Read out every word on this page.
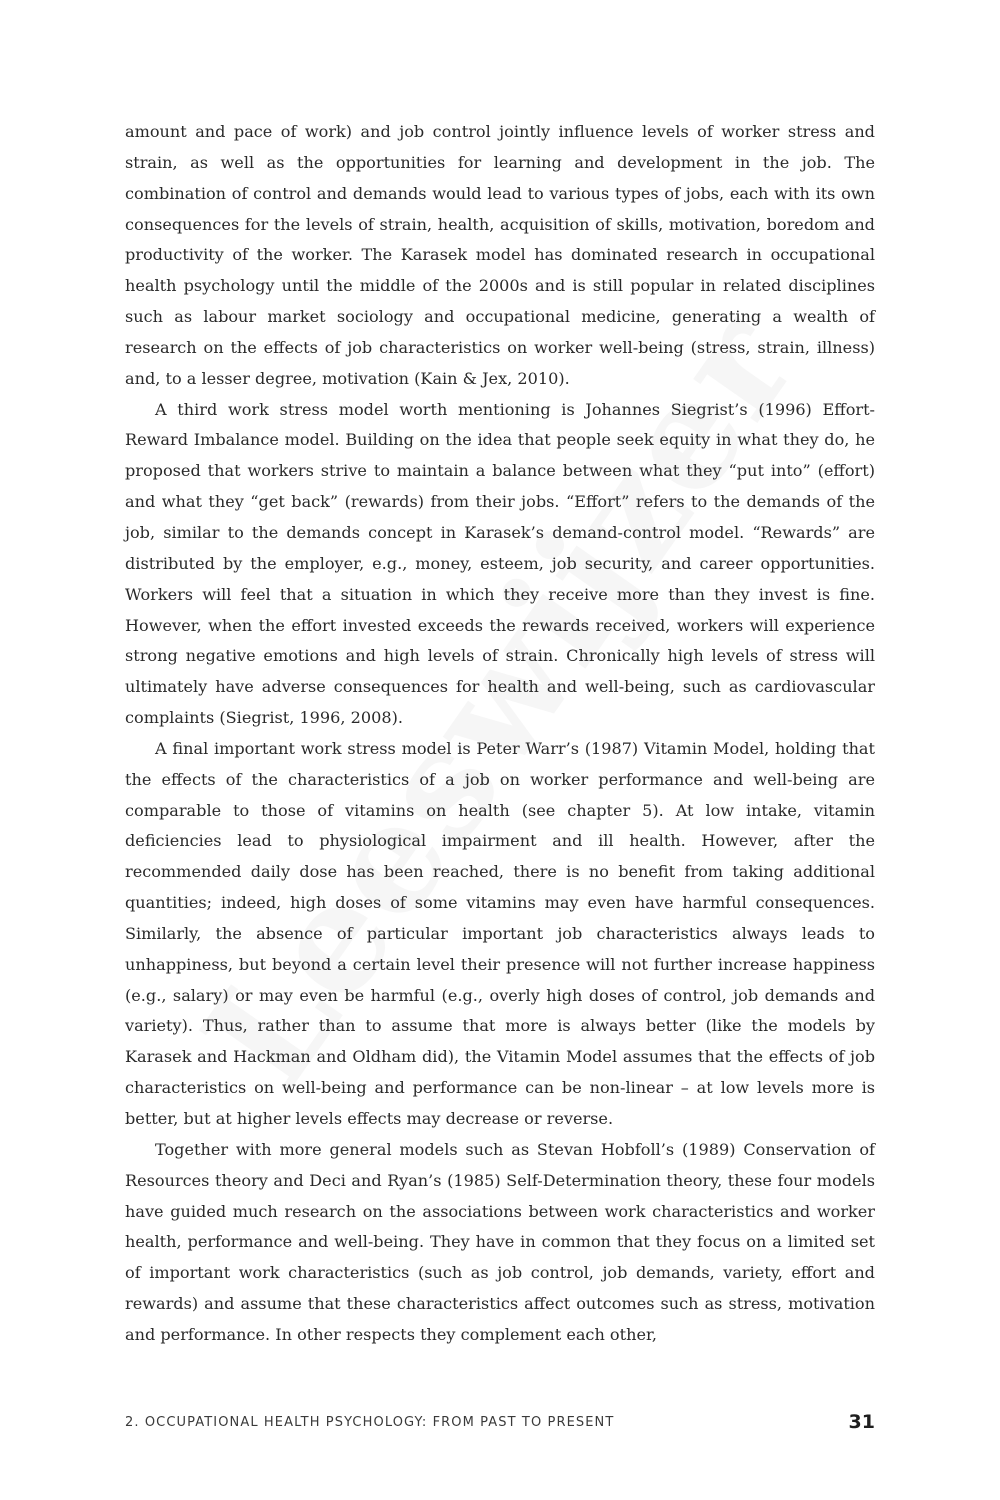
amount and pace of work) and job control jointly influence levels of worker stress and strain, as well as the opportunities for learning and development in the job. The combination of control and demands would lead to various types of jobs, each with its own consequences for the levels of strain, health, acquisition of skills, motivation, boredom and productivity of the worker. The Karasek model has dominated research in occupational health psychology until the middle of the 2000s and is still popular in related disciplines such as labour market sociology and occupational medicine, generating a wealth of research on the effects of job characteristics on worker well-being (stress, strain, illness) and, to a lesser degree, motivation (Kain & Jex, 2010).

A third work stress model worth mentioning is Johannes Siegrist’s (1996) Effort-Reward Imbalance model. Building on the idea that people seek equity in what they do, he proposed that workers strive to maintain a balance between what they “put into” (effort) and what they “get back” (rewards) from their jobs. “Effort” refers to the demands of the job, similar to the demands concept in Karasek’s demand-control model. “Rewards” are distributed by the employer, e.g., money, esteem, job security, and career opportunities. Workers will feel that a situation in which they receive more than they invest is fine. However, when the effort invested exceeds the rewards received, workers will experience strong negative emotions and high levels of strain. Chronically high levels of stress will ultimately have adverse consequences for health and well-being, such as cardiovascular complaints (Siegrist, 1996, 2008).

A final important work stress model is Peter Warr’s (1987) Vitamin Model, holding that the effects of the characteristics of a job on worker performance and well-being are comparable to those of vitamins on health (see chapter 5). At low intake, vitamin deficiencies lead to physiological impairment and ill health. However, after the recommended daily dose has been reached, there is no benefit from taking additional quantities; indeed, high doses of some vitamins may even have harmful consequences. Similarly, the absence of particular important job characteristics always leads to unhappiness, but beyond a certain level their presence will not further increase happiness (e.g., salary) or may even be harmful (e.g., overly high doses of control, job demands and variety). Thus, rather than to assume that more is always better (like the models by Karasek and Hackman and Oldham did), the Vitamin Model assumes that the effects of job characteristics on well-being and performance can be non-linear – at low levels more is better, but at higher levels effects may decrease or reverse.

Together with more general models such as Stevan Hobfoll’s (1989) Conservation of Resources theory and Deci and Ryan’s (1985) Self-Determination theory, these four models have guided much research on the associations between work characteristics and worker health, performance and well-being. They have in common that they focus on a limited set of important work characteristics (such as job control, job demands, variety, effort and rewards) and assume that these characteristics affect outcomes such as stress, motivation and performance. In other respects they complement each other,

2. OCCUPATIONAL HEALTH PSYCHOLOGY: FROM PAST TO PRESENT	31
